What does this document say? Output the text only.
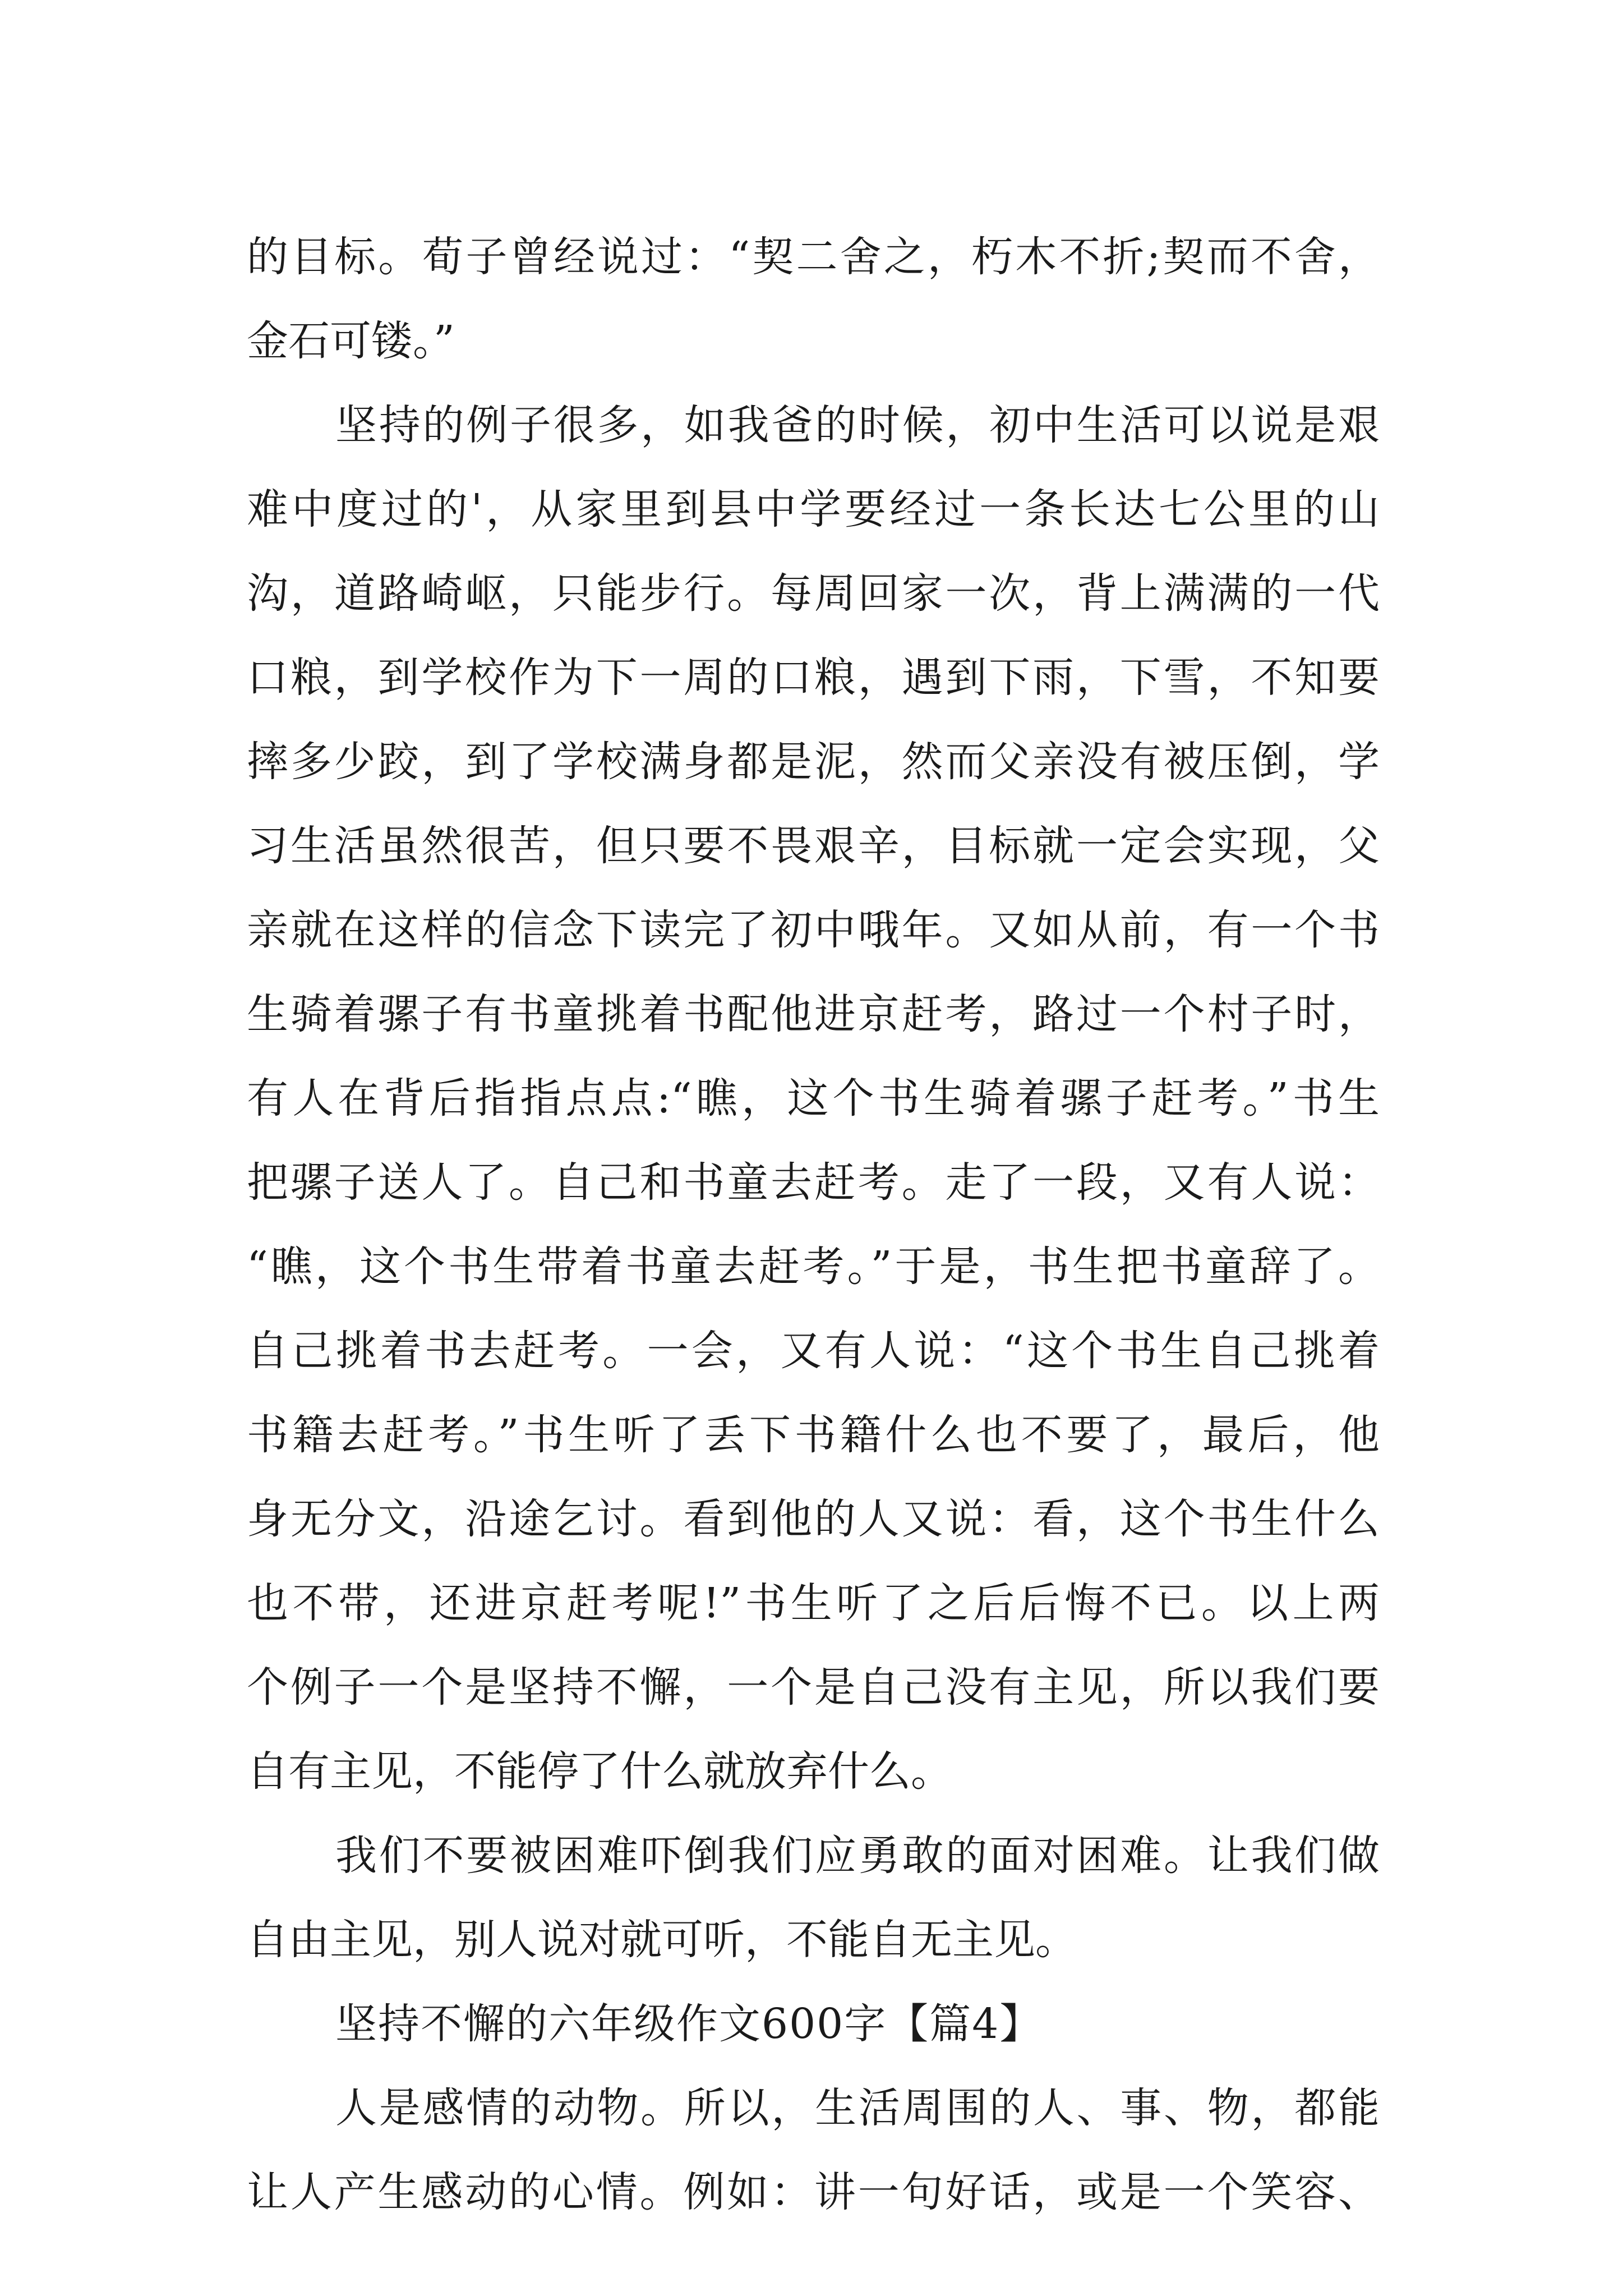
的目标。荀子曾经说过：“契二舍之，朽木不折;契而不舍，
金石可镂。”
坚持的例子很多，如我爸的时候，初中生活可以说是艰
难中度过的'，从家里到县中学要经过一条长达七公里的山
沟，道路崎岖，只能步行。每周回家一次，背上满满的一代
口粮，到学校作为下一周的口粮，遇到下雨，下雪，不知要
摔多少跤，到了学校满身都是泥，然而父亲没有被压倒，学
习生活虽然很苦，但只要不畏艰辛，目标就一定会实现，父
亲就在这样的信念下读完了初中哦年。又如从前，有一个书
生骑着骡子有书童挑着书配他进京赶考，路过一个村子时，
有人在背后指指点点:“瞧，这个书生骑着骡子赶考。”书生
把骡子送人了。自己和书童去赶考。走了一段，又有人说：
“瞧，这个书生带着书童去赶考。”于是，书生把书童辞了。
自己挑着书去赶考。一会，又有人说：“这个书生自己挑着
书籍去赶考。”书生听了丢下书籍什么也不要了，最后，他
身无分文，沿途乞讨。看到他的人又说：看，这个书生什么
也不带，还进京赶考呢!”书生听了之后后悔不已。以上两
个例子一个是坚持不懈，一个是自己没有主见，所以我们要
自有主见，不能停了什么就放弃什么。
我们不要被困难吓倒我们应勇敢的面对困难。让我们做
自由主见，别人说对就可听，不能自无主见。
坚持不懈的六年级作文600字【篇4】
人是感情的动物。所以，生活周围的人、事、物，都能
让人产生感动的心情。例如：讲一句好话，或是一个笑容、
